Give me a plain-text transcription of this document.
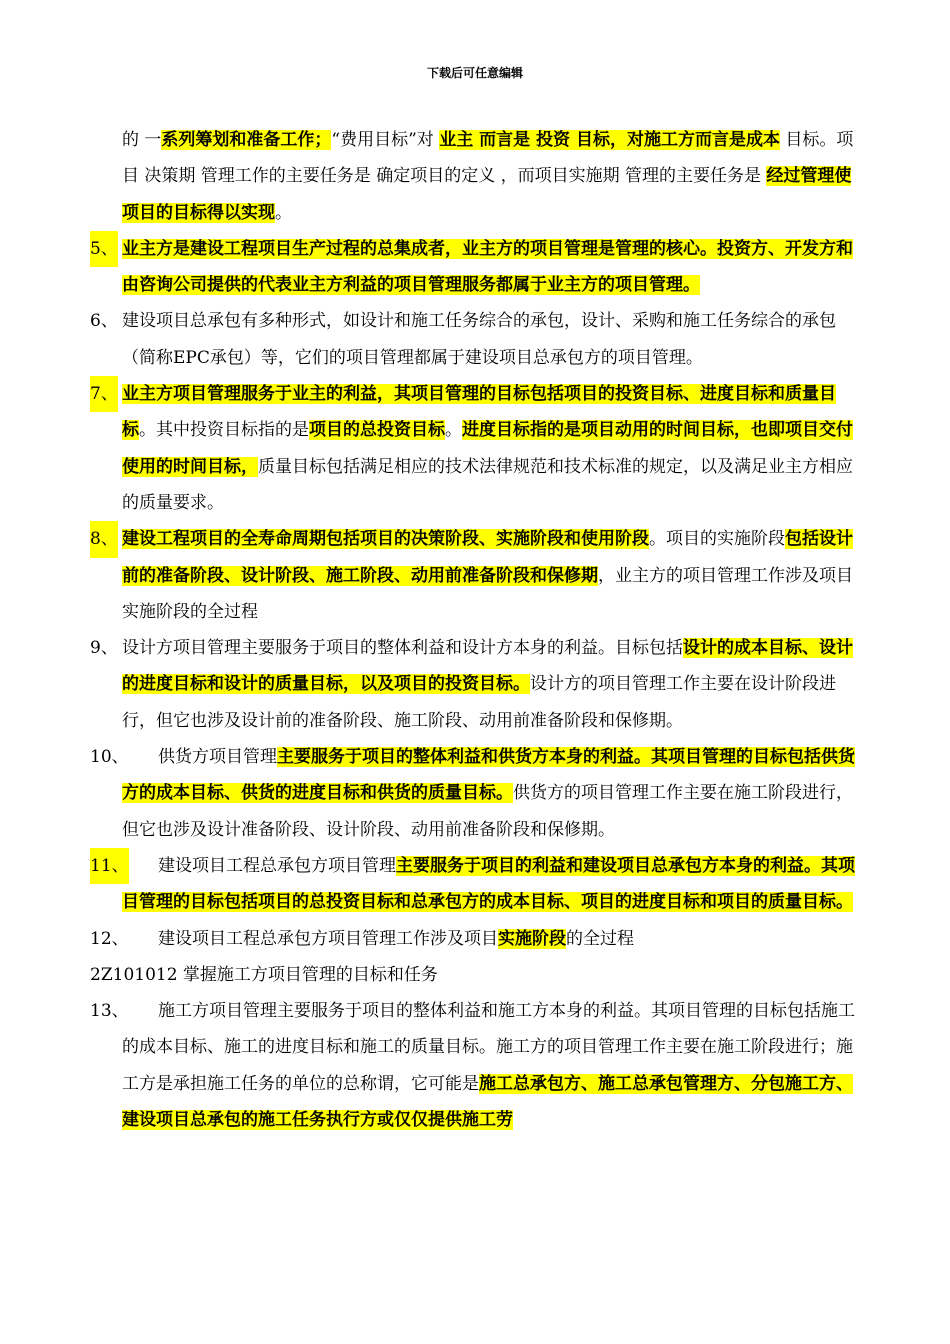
下载后可任意编辑
的 一系列筹划和准备工作；“费用目标”对 业主 而言是 投资 目标，对施工方而言是成本 目标。项目 决策期 管理工作的主要任务是 确定项目的定义 ，而项目实施期 管理的主要任务是 经过管理使项目的目标得以实现。
5、 业主方是建设工程项目生产过程的总集成者，业主方的项目管理是管理的核心。投资方、开发方和由咨询公司提供的代表业主方利益的项目管理服务都属于业主方的项目管理。
6、 建设项目总承包有多种形式，如设计和施工任务综合的承包，设计、采购和施工任务综合的承包（简称EPC承包）等，它们的项目管理都属于建设项目总承包方的项目管理。
7、 业主方项目管理服务于业主的利益，其项目管理的目标包括项目的投资目标、进度目标和质量目标。其中投资目标指的是项目的总投资目标。进度目标指的是项目动用的时间目标，也即项目交付使用的时间目标，质量目标包括满足相应的技术法律规范和技术标准的规定，以及满足业主方相应的质量要求。
8、 建设工程项目的全寿命周期包括项目的决策阶段、实施阶段和使用阶段。项目的实施阶段包括设计前的准备阶段、设计阶段、施工阶段、动用前准备阶段和保修期，业主方的项目管理工作涉及项目实施阶段的全过程
9、 设计方项目管理主要服务于项目的整体利益和设计方本身的利益。目标包括设计的成本目标、设计的进度目标和设计的质量目标，以及项目的投资目标。设计方的项目管理工作主要在设计阶段进行，但它也涉及设计前的准备阶段、施工阶段、动用前准备阶段和保修期。
10、 供货方项目管理主要服务于项目的整体利益和供货方本身的利益。其项目管理的目标包括供货方的成本目标、供货的进度目标和供货的质量目标。供货方的项目管理工作主要在施工阶段进行，但它也涉及设计准备阶段、设计阶段、动用前准备阶段和保修期。
11、 建设项目工程总承包方项目管理主要服务于项目的利益和建设项目总承包方本身的利益。其项目管理的目标包括项目的总投资目标和总承包方的成本目标、项目的进度目标和项目的质量目标。
12、 建设项目工程总承包方项目管理工作涉及项目实施阶段的全过程
2Z101012 掌握施工方项目管理的目标和任务
13、 施工方项目管理主要服务于项目的整体利益和施工方本身的利益。其项目管理的目标包括施工的成本目标、施工的进度目标和施工的质量目标。施工方的项目管理工作主要在施工阶段进行；施工方是承担施工任务的单位的总称谓，它可能是施工总承包方、施工总承包管理方、分包施工方、建设项目总承包的施工任务执行方或仅仅提供施工劳
